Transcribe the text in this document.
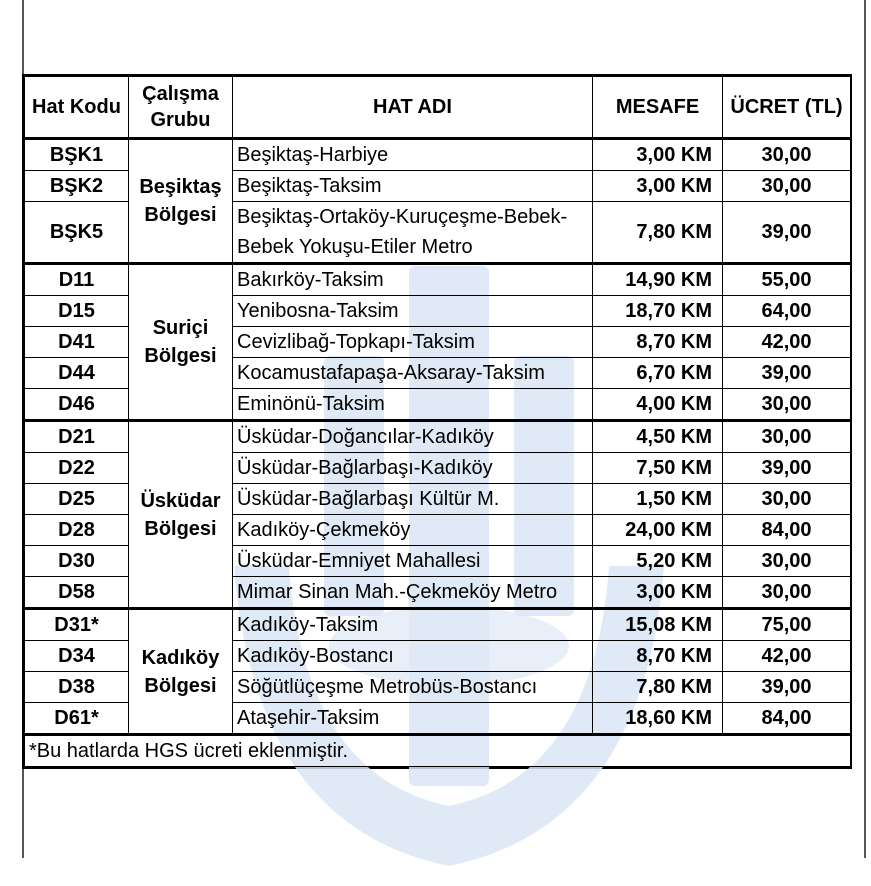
Hat Kodu	Çalışma Grubu	HAT ADI	MESAFE	ÜCRET (TL)
BŞK1	Beşiktaş Bölgesi	Beşiktaş-Harbiye	3,00 KM	30,00
BŞK2		Beşiktaş-Taksim	3,00 KM	30,00
BŞK5		Beşiktaş-Ortaköy-Kuruçeşme-Bebek-Bebek Yokuşu-Etiler Metro	7,80 KM	39,00
D11	Suriçi Bölgesi	Bakırköy-Taksim	14,90 KM	55,00
D15		Yenibosna-Taksim	18,70 KM	64,00
D41		Cevizlibağ-Topkapı-Taksim	8,70 KM	42,00
D44		Kocamustafapaşa-Aksaray-Taksim	6,70 KM	39,00
D46		Eminönü-Taksim	4,00 KM	30,00
D21	Üsküdar Bölgesi	Üsküdar-Doğancılar-Kadıköy	4,50 KM	30,00
D22		Üsküdar-Bağlarbaşı-Kadıköy	7,50 KM	39,00
D25		Üsküdar-Bağlarbaşı Kültür M.	1,50 KM	30,00
D28		Kadıköy-Çekmeköy	24,00 KM	84,00
D30		Üsküdar-Emniyet Mahallesi	5,20 KM	30,00
D58		Mimar Sinan Mah.-Çekmeköy Metro	3,00 KM	30,00
D31*	Kadıköy Bölgesi	Kadıköy-Taksim	15,08 KM	75,00
D34		Kadıköy-Bostancı	8,70 KM	42,00
D38		Söğütlüçeşme Metrobüs-Bostancı	7,80 KM	39,00
D61*		Ataşehir-Taksim	18,60 KM	84,00
*Bu hatlarda HGS ücreti eklenmiştir.				
